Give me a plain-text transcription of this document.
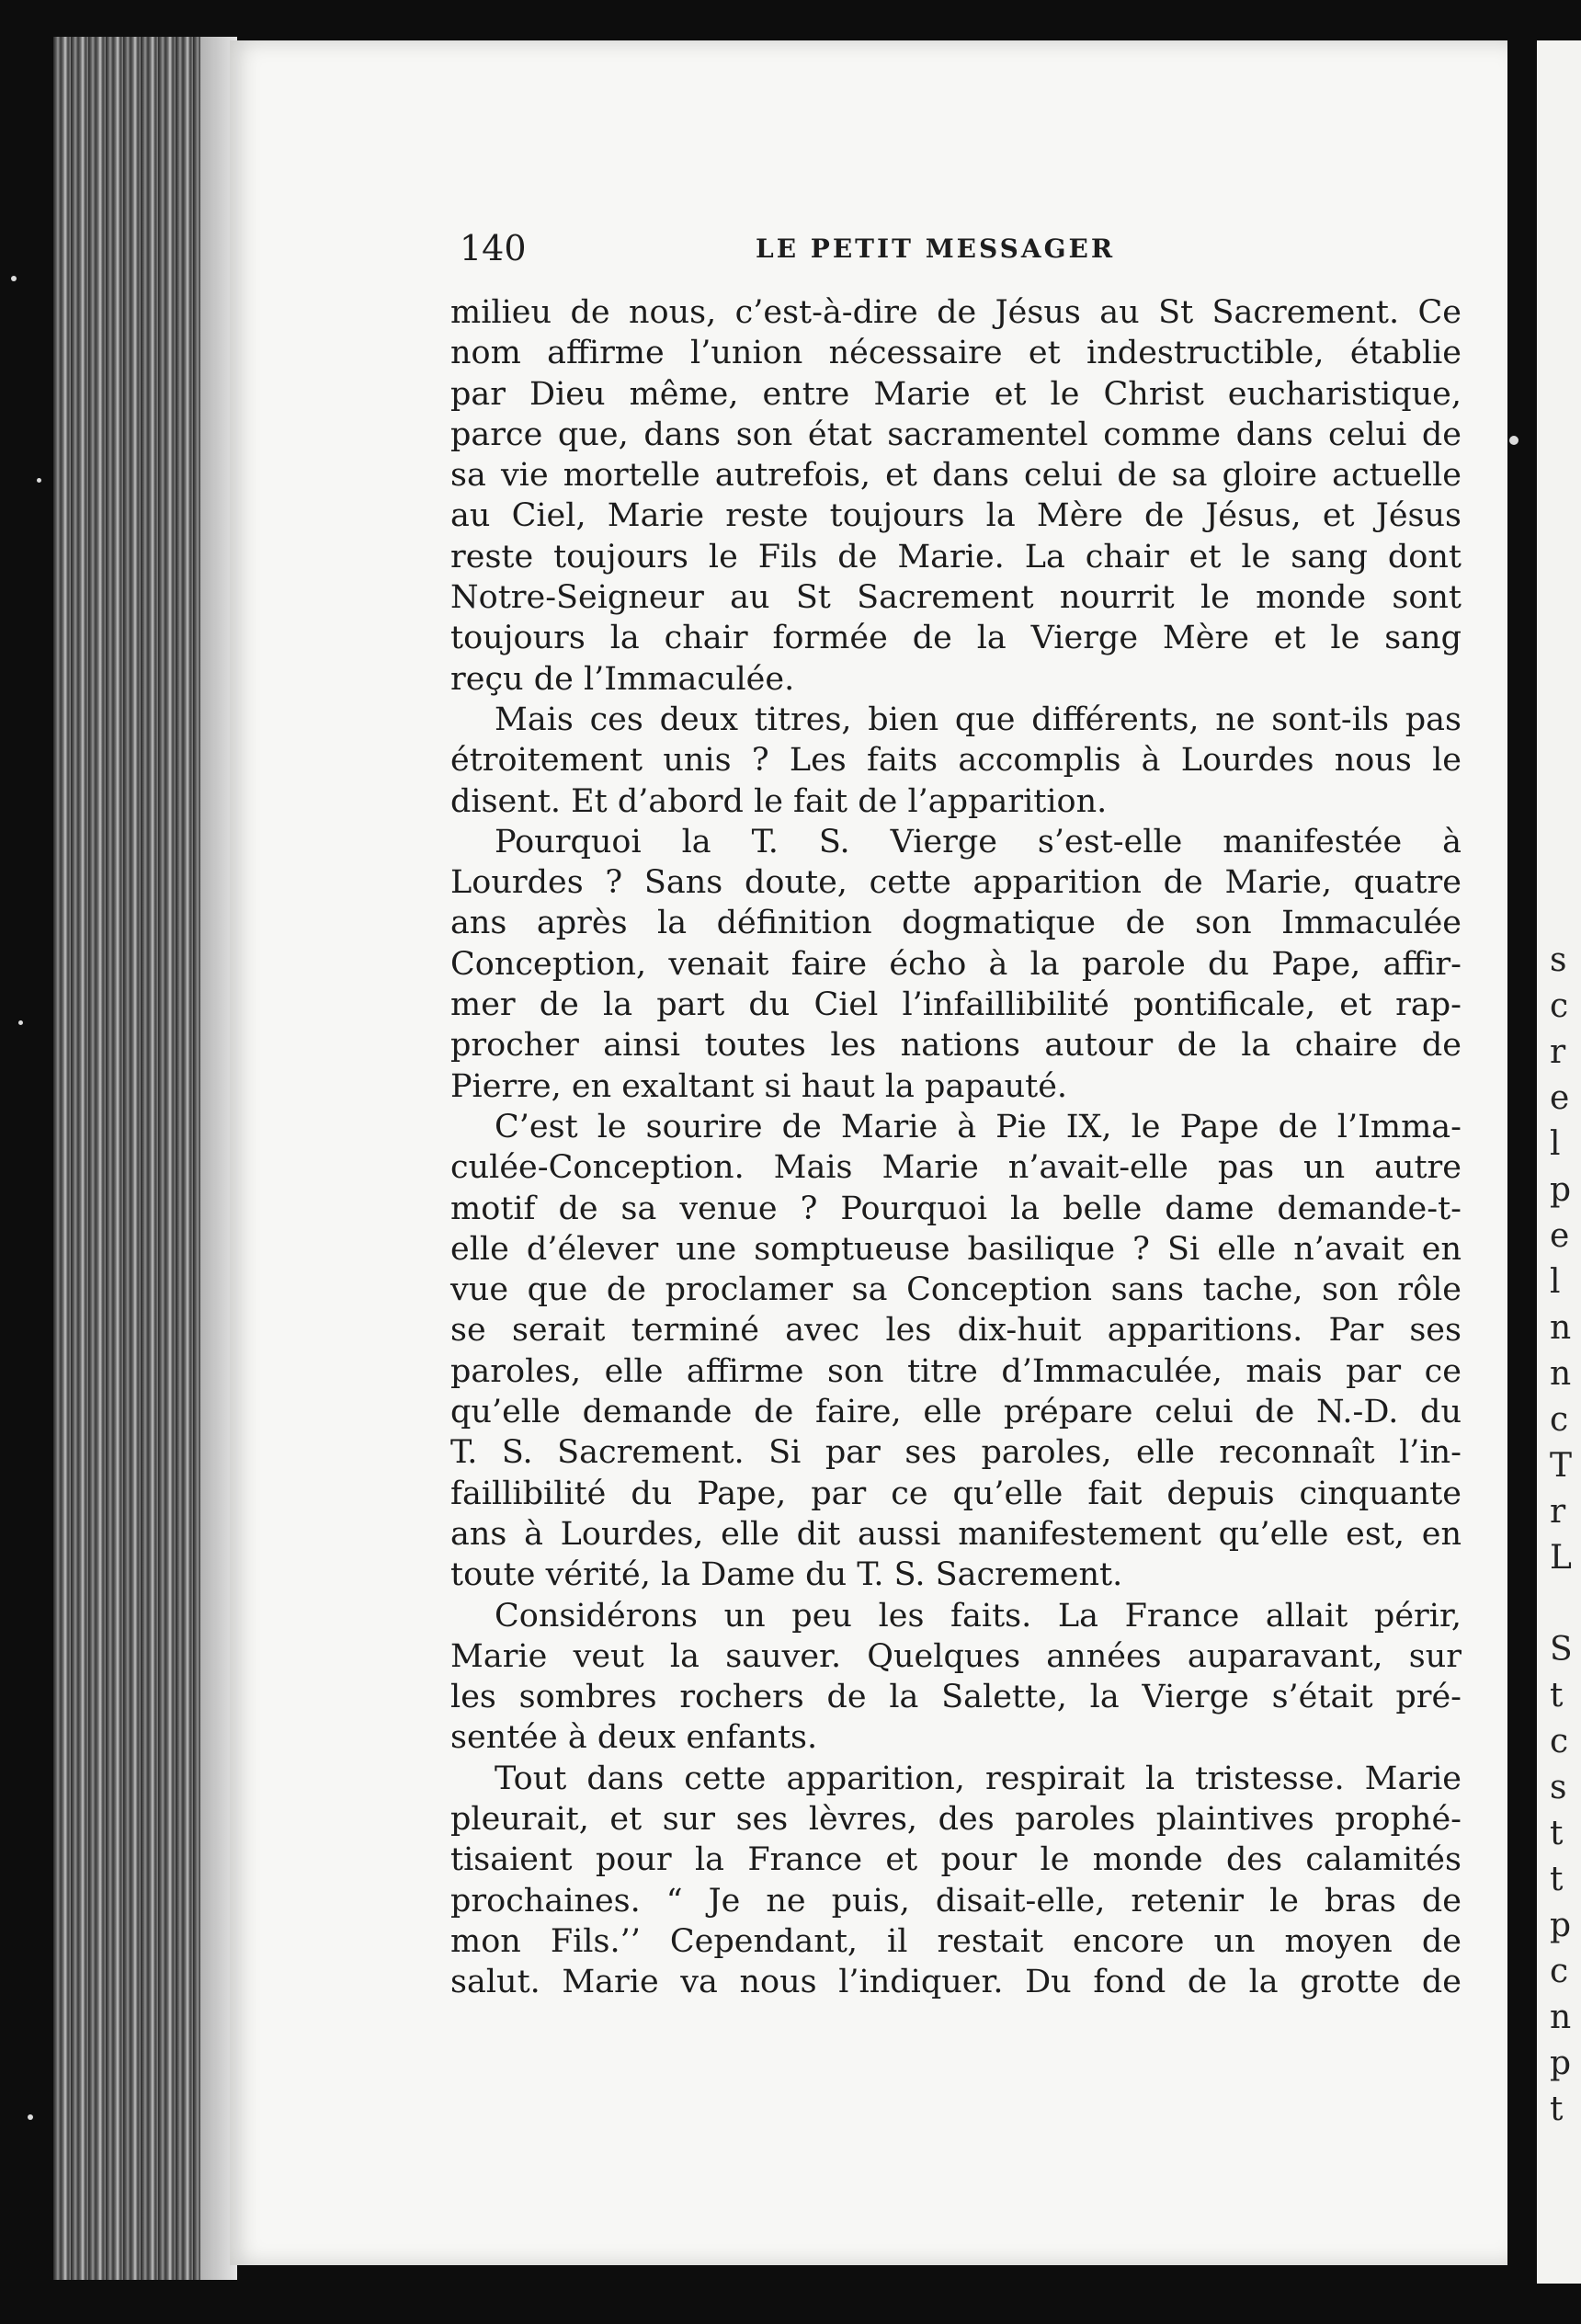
s
c
r
e
l
p
e
l
n
n
c
T
r
L
S
t
c
s
t
t
p
c
n
p
t
140	LE PETIT MESSAGER
milieu de nous, c’est-à-dire de Jésus au St Sacrement. Ce
nom affirme l’union nécessaire et indestructible, établie
par Dieu même, entre Marie et le Christ eucharistique,
parce que, dans son état sacramentel comme dans celui de
sa vie mortelle autrefois, et dans celui de sa gloire actuelle
au Ciel, Marie reste toujours la Mère de Jésus, et Jésus
reste toujours le Fils de Marie. La chair et le sang dont
Notre-Seigneur au St Sacrement nourrit le monde sont
toujours la chair formée de la Vierge Mère et le sang
reçu de l’Immaculée.
Mais ces deux titres, bien que différents, ne sont-ils pas
étroitement unis ? Les faits accomplis à Lourdes nous le
disent. Et d’abord le fait de l’apparition.
Pourquoi la T. S. Vierge s’est-elle manifestée à
Lourdes ? Sans doute, cette apparition de Marie, quatre
ans après la définition dogmatique de son Immaculée
Conception, venait faire écho à la parole du Pape, affir-
mer de la part du Ciel l’infaillibilité pontificale, et rap-
procher ainsi toutes les nations autour de la chaire de
Pierre, en exaltant si haut la papauté.
C’est le sourire de Marie à Pie IX, le Pape de l’Imma-
culée-Conception. Mais Marie n’avait-elle pas un autre
motif de sa venue ? Pourquoi la belle dame demande-t-
elle d’élever une somptueuse basilique ? Si elle n’avait en
vue que de proclamer sa Conception sans tache, son rôle
se serait terminé avec les dix-huit apparitions. Par ses
paroles, elle affirme son titre d’Immaculée, mais par ce
qu’elle demande de faire, elle prépare celui de N.-D. du
T. S. Sacrement. Si par ses paroles, elle reconnaît l’in-
faillibilité du Pape, par ce qu’elle fait depuis cinquante
ans à Lourdes, elle dit aussi manifestement qu’elle est, en
toute vérité, la Dame du T. S. Sacrement.
Considérons un peu les faits. La France allait périr,
Marie veut la sauver. Quelques années auparavant, sur
les sombres rochers de la Salette, la Vierge s’était pré-
sentée à deux enfants.
Tout dans cette apparition, respirait la tristesse. Marie
pleurait, et sur ses lèvres, des paroles plaintives prophé-
tisaient pour la France et pour le monde des calamités
prochaines. “ Je ne puis, disait-elle, retenir le bras de
mon Fils.’’ Cependant, il restait encore un moyen de
salut. Marie va nous l’indiquer. Du fond de la grotte de
